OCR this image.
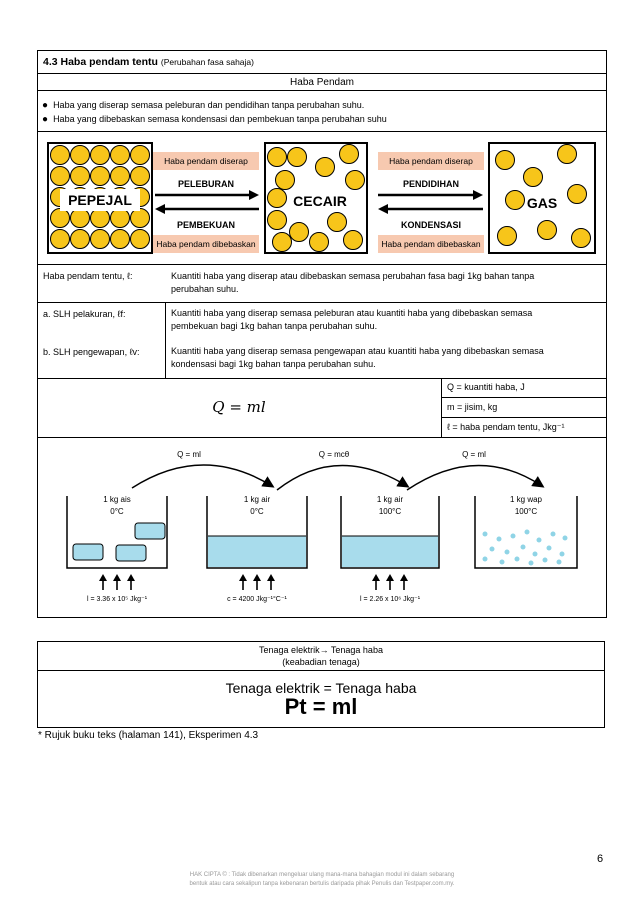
4.3 Haba pendam tentu (Perubahan fasa sahaja)
Haba Pendam
● Haba yang diserap semasa peleburan dan pendidihan tanpa perubahan suhu.
● Haba yang dibebaskan semasa kondensasi dan pembekuan tanpa perubahan suhu
PEPEJAL	CECAIR	GAS
Haba pendam diserap
PELEBURAN
PEMBEKUAN
Haba pendam dibebaskan
Haba pendam diserap
PENDIDIHAN
KONDENSASI
Haba pendam dibebaskan
Haba pendam tentu, ℓ:	Kuantiti haba yang diserap atau dibebaskan semasa perubahan fasa bagi 1kg bahan tanpa
perubahan suhu.
a. SLH pelakuran, ℓf:	Kuantiti haba yang diserap semasa peleburan atau kuantiti haba yang dibebaskan semasa
pembekuan bagi 1kg bahan tanpa perubahan suhu.
b. SLH pengewapan, ℓv:	Kuantiti haba yang diserap semasa pengewapan atau kuantiti haba yang dibebaskan semasa
kondensasi bagi 1kg bahan tanpa perubahan suhu.
Q = ml
Q = kuantiti haba, J
m = jisim, kg
ℓ = haba pendam tentu, Jkg⁻¹
Q = ml	Q = mcθ	Q = ml
1 kg ais
0°C
1 kg air
0°C
1 kg air
100°C
1 kg wap
100°C
l = 3.36 x 10⁵ Jkg⁻¹	c = 4200 Jkg⁻¹°C⁻¹	l = 2.26 x 10⁶ Jkg⁻¹
Tenaga elektrik→ Tenaga haba
(keabadian tenaga)
Tenaga elektrik = Tenaga haba
Pt = ml
* Rujuk buku teks (halaman 141), Eksperimen 4.3
6
HAK CIPTA © : Tidak dibenarkan mengeluar ulang mana-mana bahagian modul ini dalam sebarang
bentuk atau cara sekalipun tanpa kebenaran bertulis daripada pihak Penulis dan Testpaper.com.my.
